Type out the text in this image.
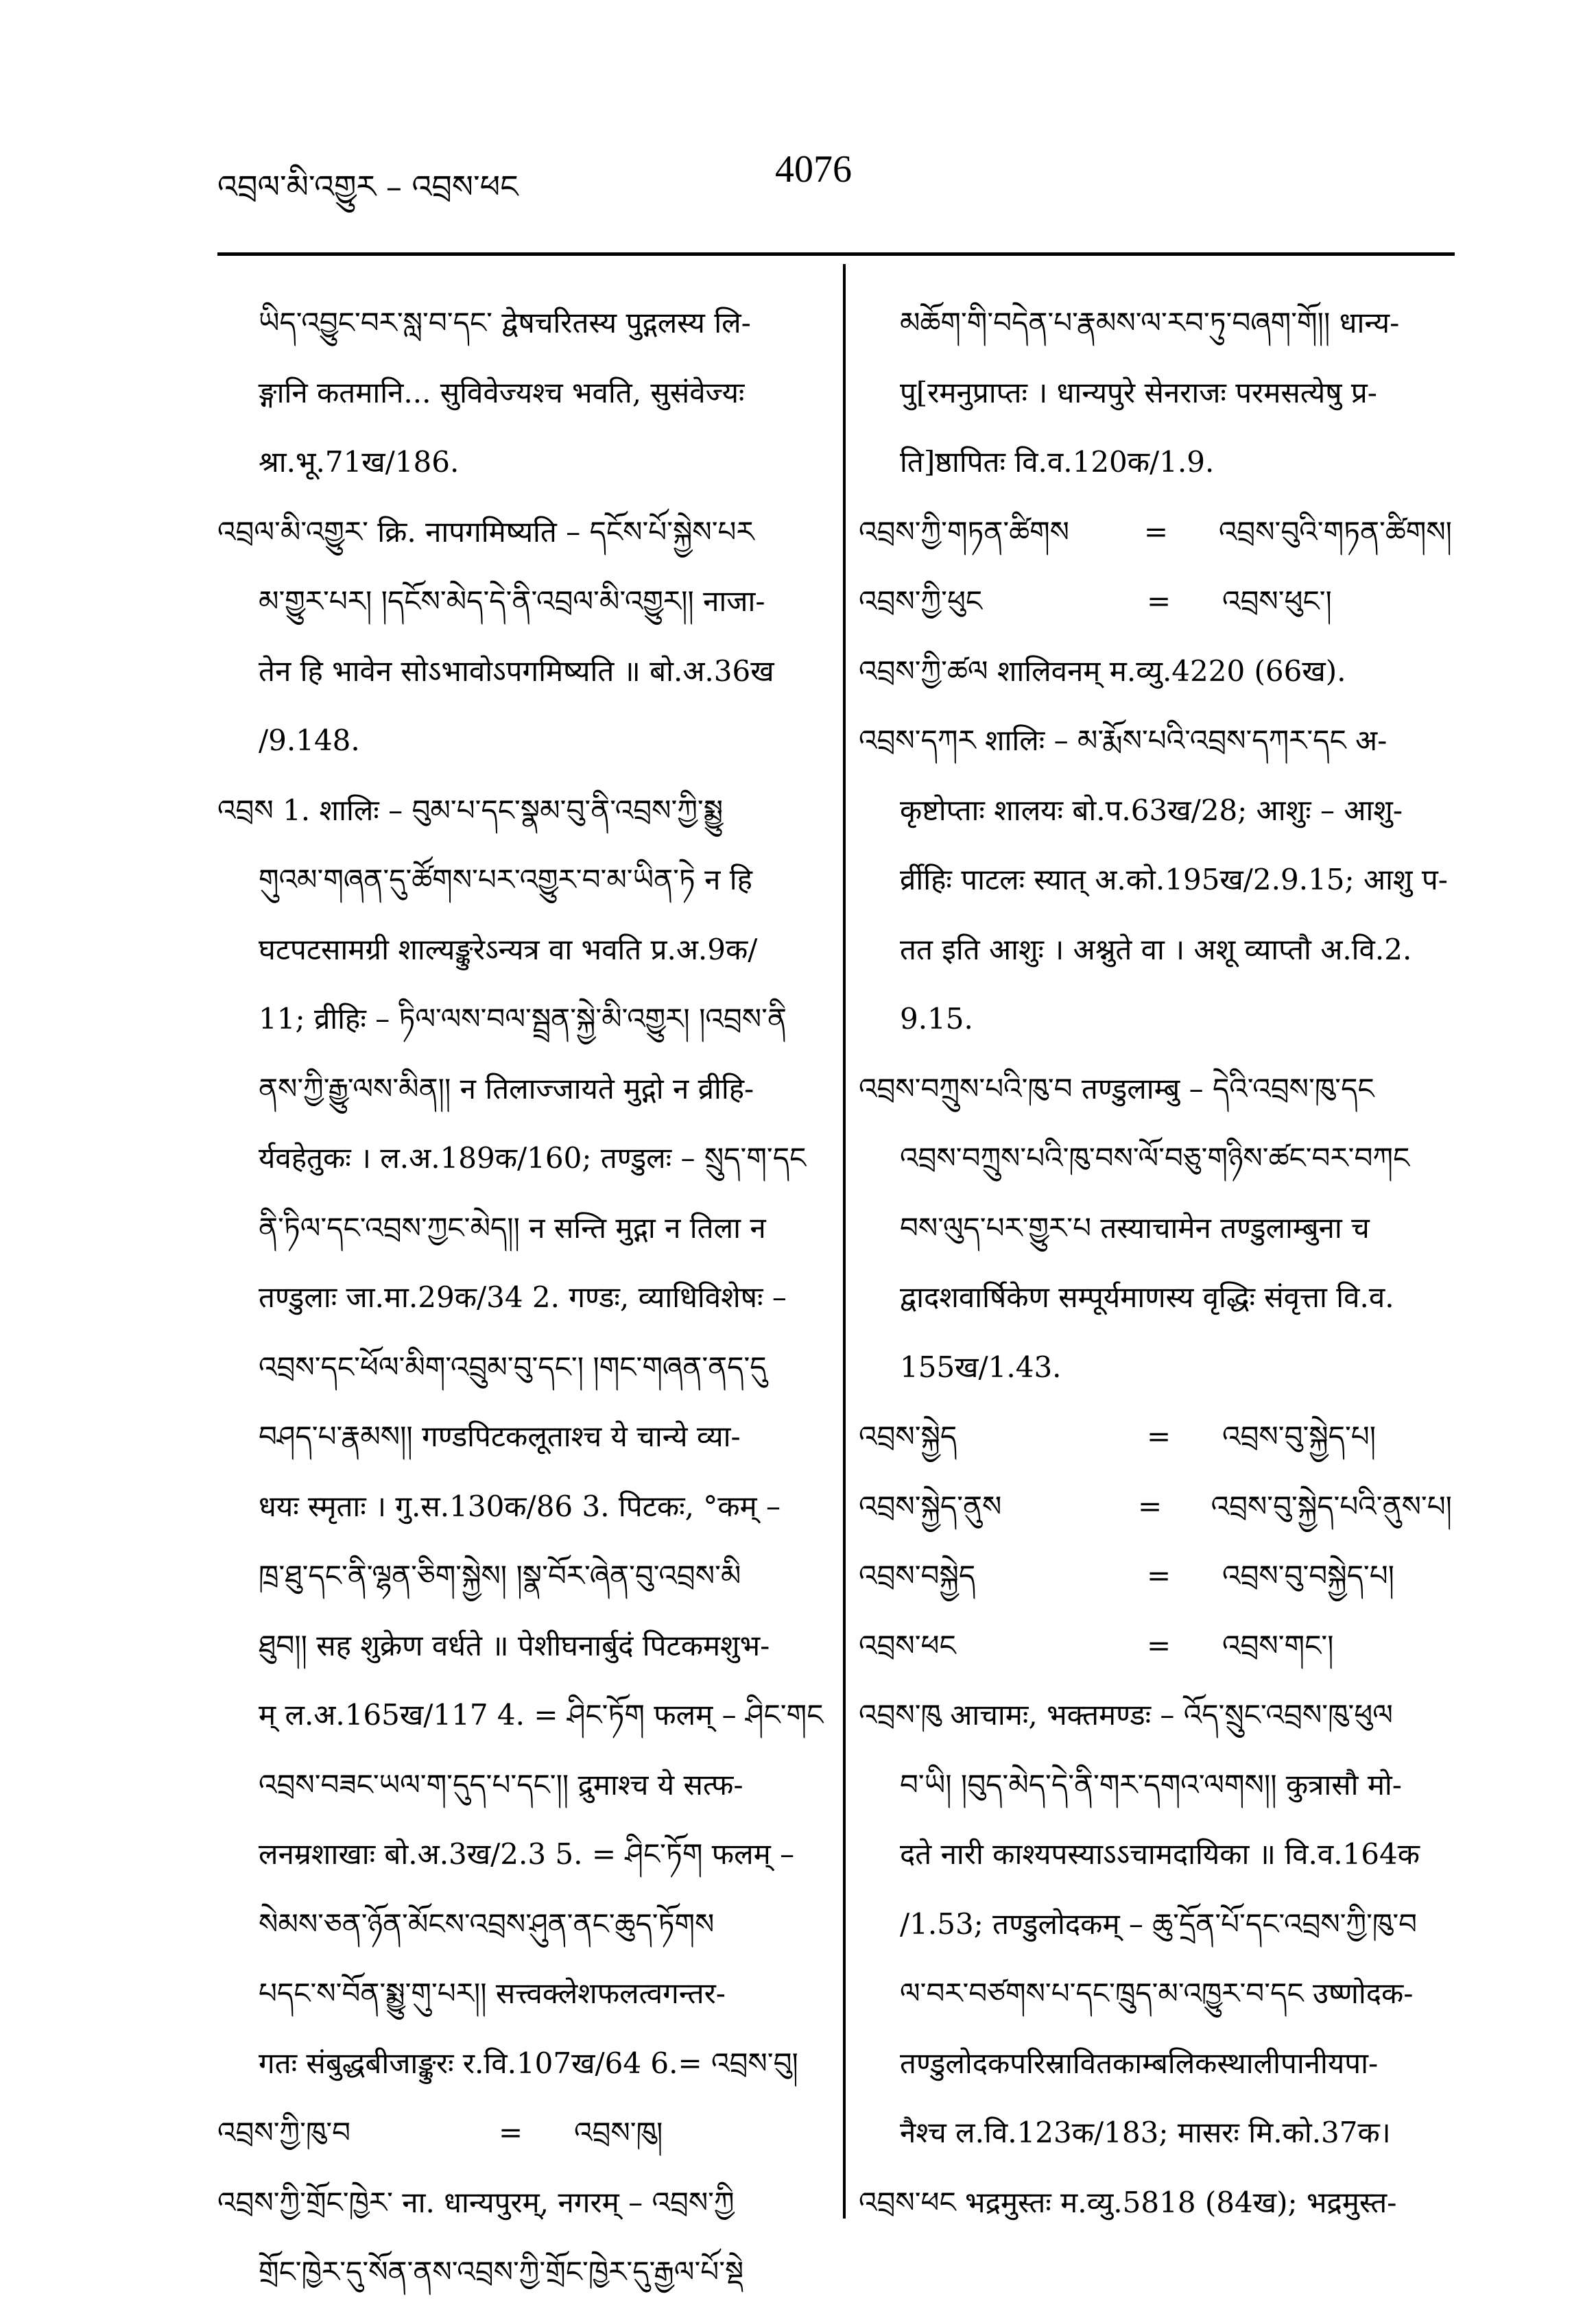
འབྲལ་མི་འགྱུར – འབྲས་ཕང	4076
ཡིད་འབྱུང་བར་སླ་བ་དང་ द्वेषचरितस्य पुद्गलस्य लि-
ङ्गानि कतमानि... सुविवेज्यश्च भवति, सुसंवेज्यः
श्रा.भू.71ख/186.
འབྲལ་མི་འགྱུར་ क्रि. नापगमिष्यति – དངོས་པོ་སྐྱེས་པར
མ་གྱུར་པར། །དངོས་མེད་དེ་ནི་འབྲལ་མི་འགྱུར།། नाजा-
तेन हि भावेन सोऽभावोऽपगमिष्यति ॥ बो.अ.36ख
/9.148.
འབྲས 1. शालिः – བུམ་པ་དང་སྣམ་བུ་ནི་འབྲས་ཀྱི་སྨྱུ
གུའམ་གཞན་དུ་ཚོགས་པར་འགྱུར་བ་མ་ཡིན་ཏེ न हि
घटपटसामग्री शाल्यङ्कुरेऽन्यत्र वा भवति प्र.अ.9क/
11; व्रीहिः – ཏིལ་ལས་བལ་སྦྲན་སྐྱེ་མི་འགྱུར། །འབྲས་ནི
ནས་ཀྱི་རྒྱུ་ལས་མིན།། न तिलाज्जायते मुद्गो न व्रीहि-
र्यवहेतुकः । ल.अ.189क/160; तण्डुलः – སྲུད་ག་དང
ནི་ཏིལ་དང་འབྲས་ཀྱང་མེད།། न सन्ति मुद्गा न तिला न
तण्डुलाः जा.मा.29क/34 2. गण्डः, व्याधिविशेषः –
འབྲས་དང་ཕོལ་མིག་འབྲུམ་བུ་དང་། །གང་གཞན་ནད་དུ
བཤད་པ་རྣམས།། गण्डपिटकलूताश्च ये चान्ये व्या-
धयः स्मृताः । गु.स.130क/86 3. पिटकः, °कम् –
ཁྲ་ཐུ་དང་ནི་ལྷན་ཅིག་སྐྱེས། །སྣ་བོར་ཞེན་བུ་འབྲས་མི
ཐུབ།། सह शुक्रेण वर्धते ॥ पेशीघनार्बुदं पिटकमशुभ-
म् ल.अ.165ख/117 4. = ཤིང་ཏོག फलम् – ཤིང་གང
འབྲས་བཟང་ཡལ་ག་དུད་པ་དང་།། द्रुमाश्च ये सत्फ-
लनम्रशाखाः बो.अ.3ख/2.3 5. = ཤིང་ཏོག फलम् –
སེམས་ཅན་ཉོན་མོངས་འབྲས་ཤུན་ནང་ཆུད་ཏོགས
པདང་ས་བོན་སྨྱུ་གུ་པར།། सत्त्वक्लेशफलत्वगन्तर-
गतः संबुद्धबीजाङ्कुरः र.वि.107ख/64 6.= འབྲས་བུ།
འབྲས་ཀྱི་ཁུ་བ	=	འབྲས་ཁུ།
འབྲས་ཀྱི་གྲོང་ཁྱེར་ ना. धान्यपुरम्, नगरम् – འབྲས་ཀྱི
གྲོང་ཁྱེར་དུ་སོན་ནས་འབྲས་ཀྱི་གྲོང་ཁྱེར་དུ་རྒྱལ་པོ་སྡེ
མཆོག་གི་བདེན་པ་རྣམས་ལ་རབ་ཏུ་བཞག་གོ།། धान्य-
पु[रमनुप्राप्तः । धान्यपुरे सेनराजः परमसत्येषु प्र-
ति]ष्ठापितः वि.व.120क/1.9.
འབྲས་ཀྱི་གཏན་ཚིགས	=	འབྲས་བུའི་གཏན་ཚིགས།
འབྲས་ཀྱི་ཕུང	=	འབྲས་ཕུང་།
འབྲས་ཀྱི་ཚལ शालिवनम् म.व्यु.4220 (66ख).
འབྲས་དཀར शालिः – མ་རྨོས་པའི་འབྲས་དཀར་དང अ-
कृष्टोप्ताः शालयः बो.प.63ख/28; आशुः – आशु-
र्व्रीहिः पाटलः स्यात् अ.को.195ख/2.9.15; आशु प-
तत इति आशुः । अश्नुते वा । अशू व्याप्तौ अ.वि.2.
9.15.
འབྲས་བཀྲུས་པའི་ཁུ་བ तण्डुलाम्बु – དེའི་འབྲས་ཁུ་དང
འབྲས་བཀྲུས་པའི་ཁུ་བས་ལོ་བཅུ་གཉིས་ཚང་བར་བཀང
བས་ལུད་པར་གྱུར་པ तस्याचामेन तण्डुलाम्बुना च
द्वादशवार्षिकेण सम्पूर्यमाणस्य वृद्धिः संवृत्ता वि.व.
155ख/1.43.
འབྲས་སྐྱེད	=	འབྲས་བུ་སྐྱེད་པ།
འབྲས་སྐྱེད་ནུས	=	འབྲས་བུ་སྐྱེད་པའི་ནུས་པ།
འབྲས་བསྐྱེད	=	འབྲས་བུ་བསྐྱེད་པ།
འབྲས་ཕང	=	འབྲས་གང་།
འབྲས་ཁུ आचामः, भक्तमण्डः – འོད་སྲུང་འབྲས་ཁུ་ཕུལ
བ་ཡི། །བུད་མེད་དེ་ནི་གར་དགའ་ལགས།། कुत्रासौ मो-
दते नारी काश्यपस्याऽऽचामदायिका ॥ वि.व.164क
/1.53; तण्डुलोदकम् – ཆུ་དྲོན་པོ་དང་འབྲས་ཀྱི་ཁུ་བ
ལ་བར་བཙགས་པ་དང་ཁྲུད་མ་འཁྱུར་བ་དང उष्णोदक-
तण्डुलोदकपरिस्रावितकाम्बलिकस्थालीपानीयपा-
नैश्च ल.वि.123क/183; मासरः मि.को.37क।
འབྲས་ཕང भद्रमुस्तः म.व्यु.5818 (84ख); भद्रमुस्त-
